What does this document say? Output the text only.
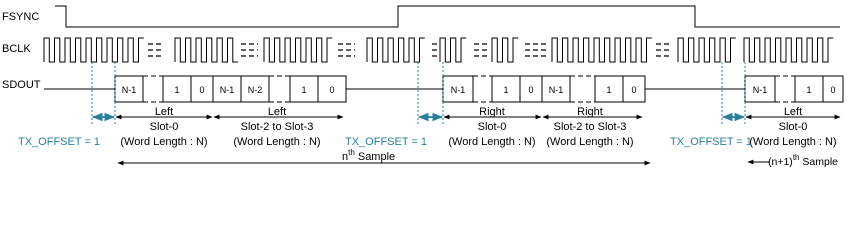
FSYNC
BCLK
SDOUT	N-1	1 0 N-1 N-2	1	0	N-1	1 0 N-1	1 0	N-1	1 0
Left
Slot-0
(Word Length : N)
Left
Slot-2 to Slot-3
(Word Length : N)
Right
Slot-0
(Word Length : N)
Right
Slot-2 to Slot-3
(Word Length : N)
Left
Slot-0
(Word Length : N)
TX_OFFSET = 1	TX_OFFSET = 1	TX_OFFSET = 1
$n^{th}$ Sample	$(n+1)^{th}$ Sample
